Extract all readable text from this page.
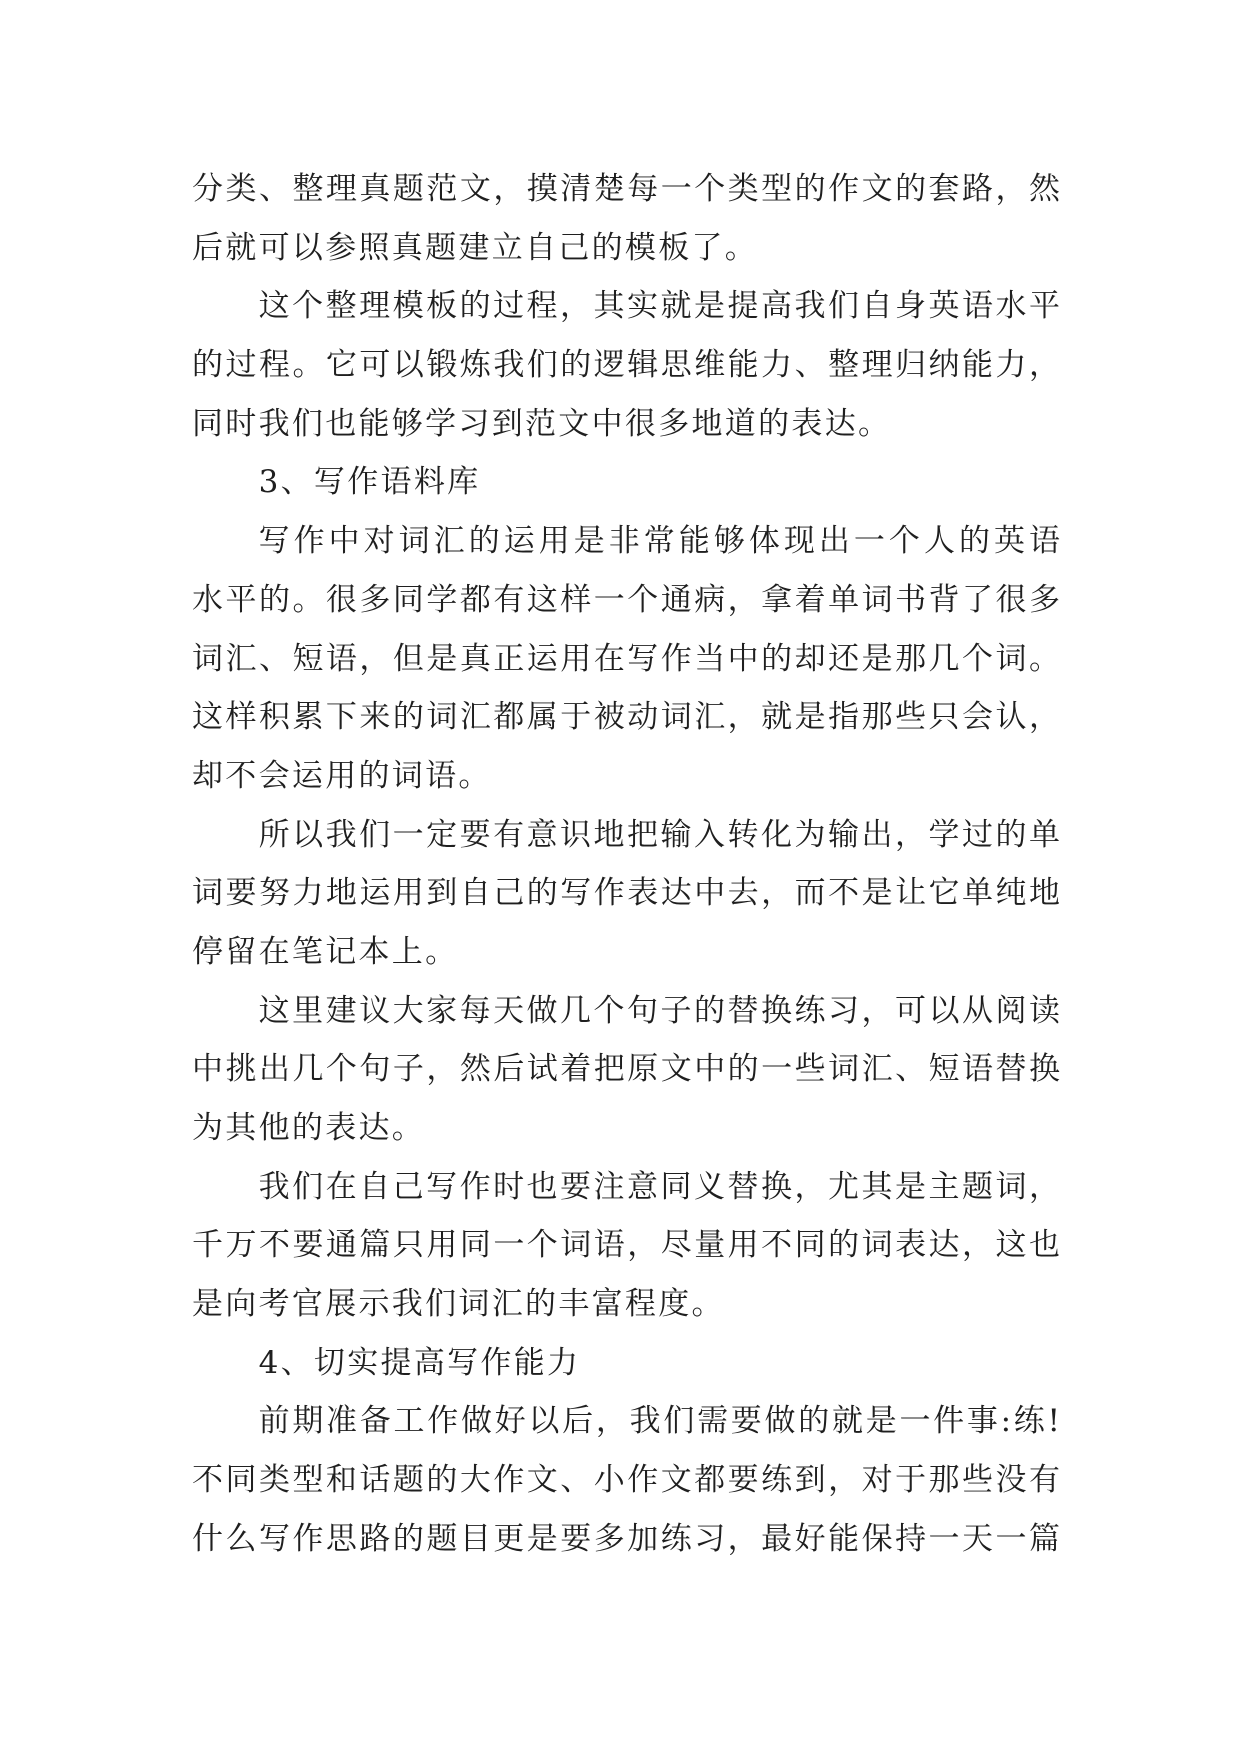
分类、整理真题范文，摸清楚每一个类型的作文的套路，然
后就可以参照真题建立自己的模板了。
这个整理模板的过程，其实就是提高我们自身英语水平
的过程。它可以锻炼我们的逻辑思维能力、整理归纳能力，
同时我们也能够学习到范文中很多地道的表达。
3、写作语料库
写作中对词汇的运用是非常能够体现出一个人的英语
水平的。很多同学都有这样一个通病，拿着单词书背了很多
词汇、短语，但是真正运用在写作当中的却还是那几个词。
这样积累下来的词汇都属于被动词汇，就是指那些只会认，
却不会运用的词语。
所以我们一定要有意识地把输入转化为输出，学过的单
词要努力地运用到自己的写作表达中去，而不是让它单纯地
停留在笔记本上。
这里建议大家每天做几个句子的替换练习，可以从阅读
中挑出几个句子，然后试着把原文中的一些词汇、短语替换
为其他的表达。
我们在自己写作时也要注意同义替换，尤其是主题词，
千万不要通篇只用同一个词语，尽量用不同的词表达，这也
是向考官展示我们词汇的丰富程度。
4、切实提高写作能力
前期准备工作做好以后，我们需要做的就是一件事:练!
不同类型和话题的大作文、小作文都要练到，对于那些没有
什么写作思路的题目更是要多加练习，最好能保持一天一篇
